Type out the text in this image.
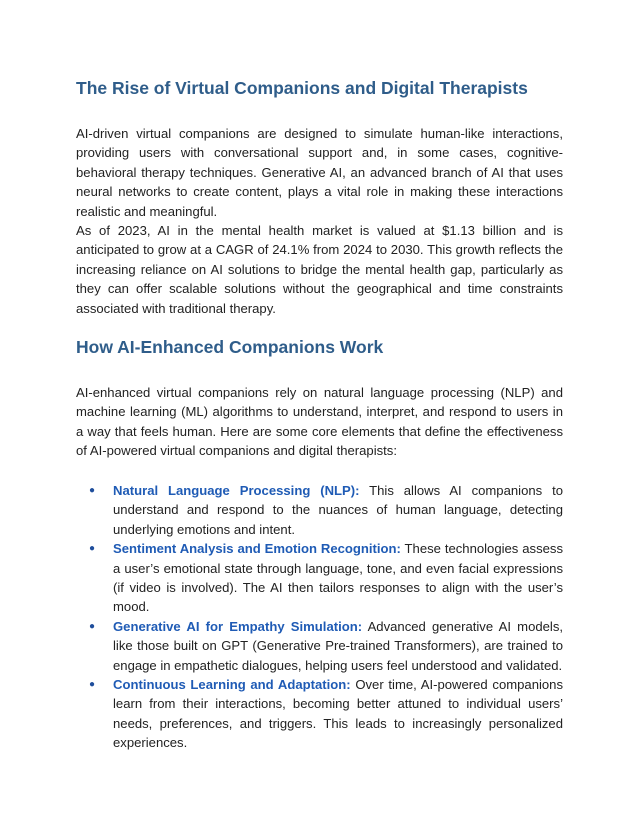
The Rise of Virtual Companions and Digital Therapists

AI-driven virtual companions are designed to simulate human-like interactions, providing users with conversational support and, in some cases, cognitive-behavioral therapy techniques. Generative AI, an advanced branch of AI that uses neural networks to create content, plays a vital role in making these interactions realistic and meaningful.

As of 2023, AI in the mental health market is valued at $1.13 billion and is anticipated to grow at a CAGR of 24.1% from 2024 to 2030. This growth reflects the increasing reliance on AI solutions to bridge the mental health gap, particularly as they can offer scalable solutions without the geographical and time constraints associated with traditional therapy.

How AI-Enhanced Companions Work

AI-enhanced virtual companions rely on natural language processing (NLP) and machine learning (ML) algorithms to understand, interpret, and respond to users in a way that feels human. Here are some core elements that define the effectiveness of AI-powered virtual companions and digital therapists:

● Natural Language Processing (NLP): This allows AI companions to understand and respond to the nuances of human language, detecting underlying emotions and intent.
● Sentiment Analysis and Emotion Recognition: These technologies assess a user’s emotional state through language, tone, and even facial expressions (if video is involved). The AI then tailors responses to align with the user’s mood.
● Generative AI for Empathy Simulation: Advanced generative AI models, like those built on GPT (Generative Pre-trained Transformers), are trained to engage in empathetic dialogues, helping users feel understood and validated.
● Continuous Learning and Adaptation: Over time, AI-powered companions learn from their interactions, becoming better attuned to individual users’ needs, preferences, and triggers. This leads to increasingly personalized experiences.
